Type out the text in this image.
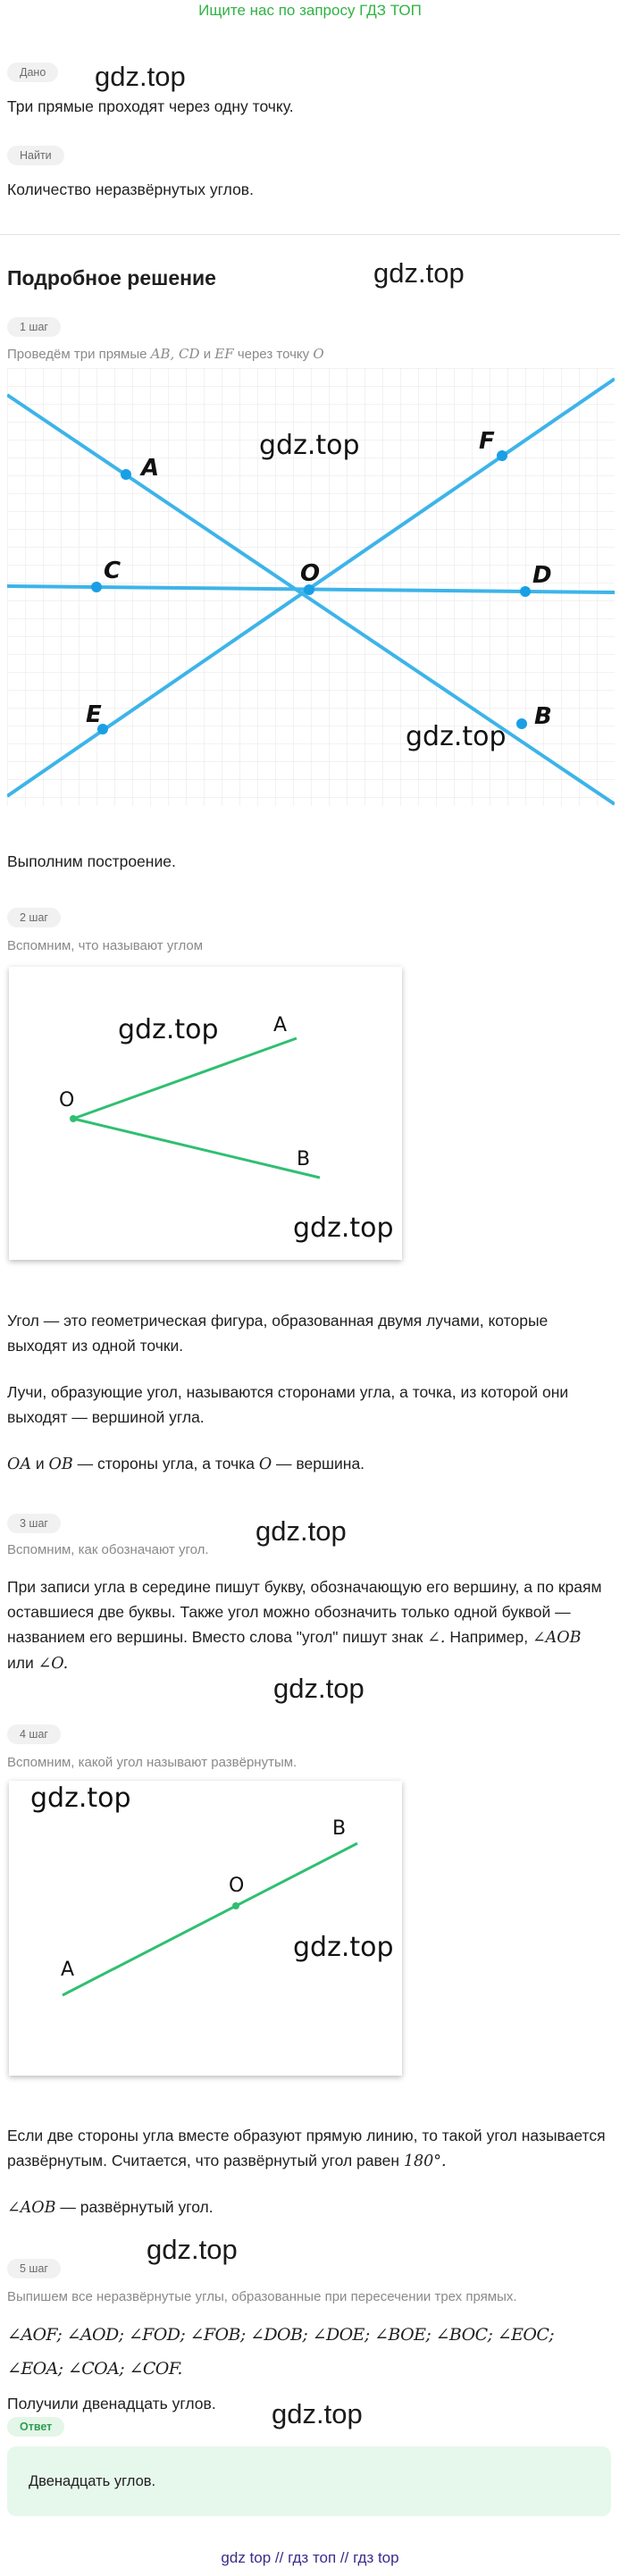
Ищите нас по запросу ГДЗ ТОП
Дано	gdz.top
Три прямые проходят через одну точку.
Найти
Количество неразвёрнутых углов.
Подробное решение	gdz.top
1 шаг
Проведём три прямые AB, CD и EF через точку O
A
F
C	O	D
E	B
gdz.top
gdz.top
Выполним построение.
2 шаг
Вспомним, что называют углом
A
O
B
gdz.top
gdz.top
Угол — это геометрическая фигура, образованная двумя лучами, которые выходят из одной точки.
Лучи, образующие угол, называются сторонами угла, а точка, из которой они выходят — вершиной угла.
OA и OB — стороны угла, а точка O — вершина.
3 шаг
Вспомним, как обозначают угол.
gdz.top
При записи угла в середине пишут букву, обозначающую его вершину, а по краям оставшиеся две буквы. Также угол можно обозначить только одной буквой — названием его вершины. Вместо слова "угол" пишут знак ∠. Например, ∠AOB или ∠O.
gdz.top
4 шаг
Вспомним, какой угол называют развёрнутым.
B
O
A
gdz.top
gdz.top
Если две стороны угла вместе образуют прямую линию, то такой угол называется развёрнутым. Считается, что развёрнутый угол равен 180°.
∠AOB — развёрнутый угол.
gdz.top
5 шаг
Выпишем все неразвёрнутые углы, образованные при пересечении трех прямых.
∠AOF; ∠AOD; ∠FOD; ∠FOB; ∠DOB; ∠DOE; ∠BOE; ∠BOC; ∠EOC;
∠EOA; ∠COA; ∠COF.
Получили двенадцать углов. gdz.top
Ответ
Двенадцать углов.
gdz top // гдз топ // гдз top
